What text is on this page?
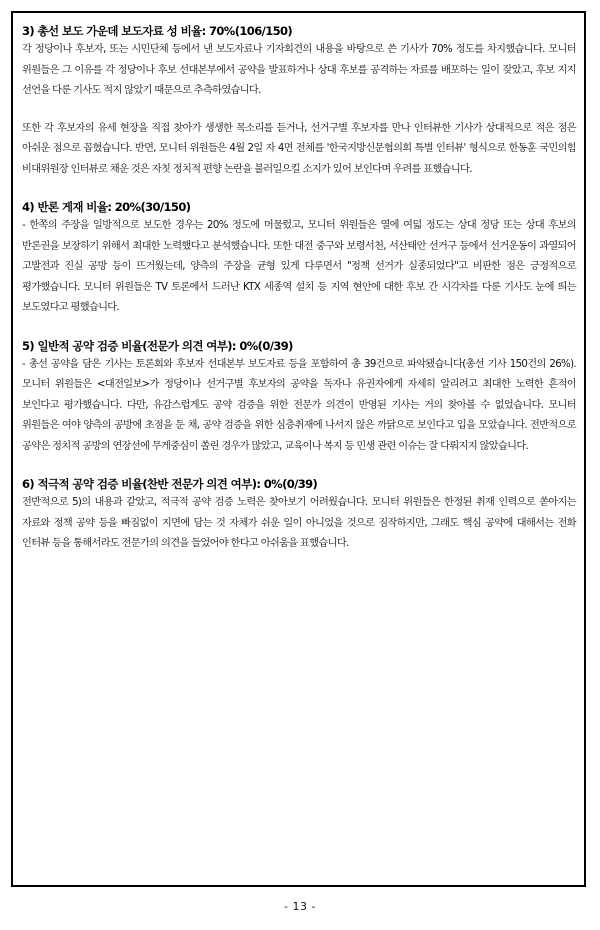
3) 총선 보도 가운데 보도자료 성 비율: 70%(106/150)

각 정당이나 후보자, 또는 시민단체 등에서 낸 보도자료나 기자회견의 내용을 바탕으로 쓴 기사가 70% 정도를 차지했습니다. 모니터 위원들은 그 이유를 각 정당이나 후보 선대본부에서 공약을 발표하거나 상대 후보를 공격하는 자료를 배포하는 일이 잦았고, 후보 지지 선언을 다룬 기사도 적지 않았기 때문으로 추측하였습니다.

또한 각 후보자의 유세 현장을 직접 찾아가 생생한 목소리를 듣거나, 선거구별 후보자를 만나 인터뷰한 기사가 상대적으로 적은 점은 아쉬운 점으로 꼽혔습니다. 반면, 모니터 위원들은 4월 2일 자 4면 전체를 '한국지방신문협의회 특별 인터뷰' 형식으로 한동훈 국민의힘 비대위원장 인터뷰로 채운 것은 자칫 정치적 편향 논란을 불러일으킬 소지가 있어 보인다며 우려를 표했습니다.

4) 반론 게재 비율: 20%(30/150)

- 한쪽의 주장을 일방적으로 보도한 경우는 20% 정도에 머물렀고, 모니터 위원들은 열에 여덟 정도는 상대 정당 또는 상대 후보의 반론권을 보장하기 위해서 최대한 노력했다고 분석했습니다. 또한 대전 중구와 보령서천, 서산태안 선거구 등에서 선거운동이 과열되어 고발전과 진실 공방 등이 뜨거웠는데, 양측의 주장을 균형 있게 다루면서 "정책 선거가 실종되었다"고 비판한 점은 긍정적으로 평가했습니다. 모니터 위원들은 TV 토론에서 드러난 KTX 세종역 설치 등 지역 현안에 대한 후보 간 시각차를 다룬 기사도 눈에 띄는 보도였다고 평했습니다.

5) 일반적 공약 검증 비율(전문가 의견 여부): 0%(0/39)

- 총선 공약을 담은 기사는 토론회와 후보자 선대본부 보도자료 등을 포함하여 총 39건으로 파악됐습니다(총선 기사 150건의 26%). 모니터 위원들은 <대전일보>가 정당이나 선거구별 후보자의 공약을 독자나 유권자에게 자세히 알리려고 최대한 노력한 흔적이 보인다고 평가했습니다. 다만, 유감스럽게도 공약 검증을 위한 전문가 의견이 반영된 기사는 거의 찾아볼 수 없었습니다. 모니터 위원들은 여야 양측의 공방에 초점을 둔 채, 공약 검증을 위한 심층취재에 나서지 않은 까닭으로 보인다고 입을 모았습니다. 전반적으로 공약은 정치적 공방의 연장선에 무게중심이 쏠린 경우가 많았고, 교육이나 복지 등 민생 관련 이슈는 잘 다뤄지지 않았습니다.

6) 적극적 공약 검증 비율(찬반 전문가 의견 여부): 0%(0/39)

전반적으로 5)의 내용과 같았고, 적극적 공약 검증 노력은 찾아보기 어려웠습니다. 모니터 위원들은 한정된 취재 인력으로 쏟아지는 자료와 정책 공약 등을 빠짐없이 지면에 담는 것 자체가 쉬운 일이 아니었을 것으로 짐작하지만, 그래도 핵심 공약에 대해서는 전화 인터뷰 등을 통해서라도 전문가의 의견을 들었어야 한다고 아쉬움을 표했습니다.

- 13 -
